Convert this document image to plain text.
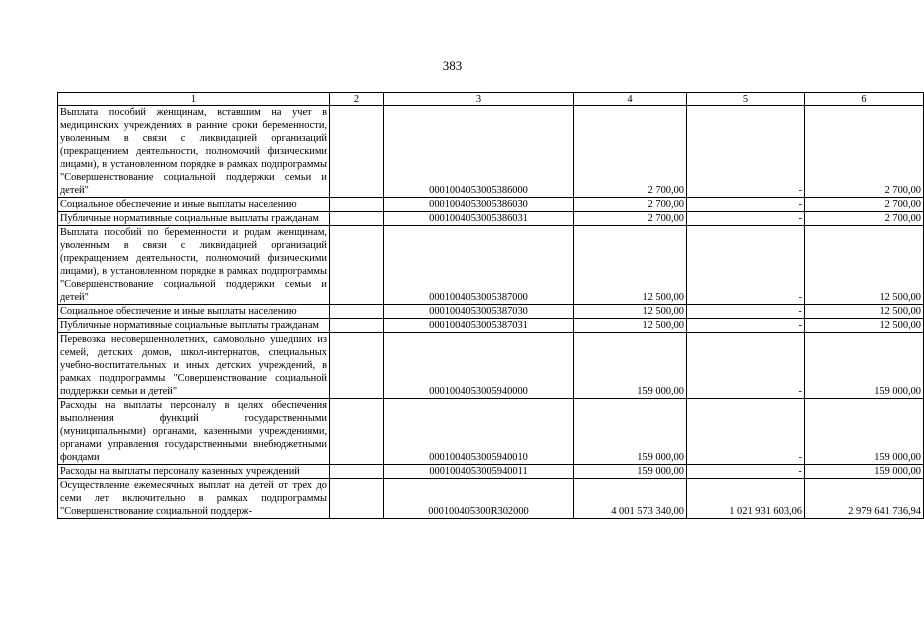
383
1	2	3	4	5	6
Выплата пособий женщинам, вставшим на учет в медицинских учреждениях в ранние сроки беременности, уволенным в связи с ликвидацией организаций (прекращением деятельности, полномочий физическими лицами), в установленном порядке в рамках подпрограммы "Совершенствование социальной поддержки семьи и детей"		0001004053005386000	2 700,00	-	2 700,00
Социальное обеспечение и иные выплаты населению		0001004053005386030	2 700,00	-	2 700,00
Публичные нормативные социальные выплаты гражданам		0001004053005386031	2 700,00	-	2 700,00
Выплата пособий по беременности и родам женщинам, уволенным в связи с ликвидацией организаций (прекращением деятельности, полномочий физическими лицами), в установленном порядке в рамках подпрограммы "Совершенствование социальной поддержки семьи и детей"		0001004053005387000	12 500,00	-	12 500,00
Социальное обеспечение и иные выплаты населению		0001004053005387030	12 500,00	-	12 500,00
Публичные нормативные социальные выплаты гражданам		0001004053005387031	12 500,00	-	12 500,00
Перевозка несовершеннолетних, самовольно ушедших из семей, детских домов, школ-интернатов, специальных учебно-воспитательных и иных детских учреждений, в рамках подпрограммы "Совершенствование социальной поддержки семьи и детей"		0001004053005940000	159 000,00	-	159 000,00
Расходы на выплаты персоналу в целях обеспечения выполнения функций государственными (муниципальными) органами, казенными учреждениями, органами управления государственными внебюджетными фондами		0001004053005940010	159 000,00	-	159 000,00
Расходы на выплаты персоналу казенных учреждений		0001004053005940011	159 000,00	-	159 000,00
Осуществление ежемесячных выплат на детей от трех до семи лет включительно в рамках подпрограммы "Совершенствование социальной поддерж-		000100405300R302000	4 001 573 340,00	1 021 931 603,06	2 979 641 736,94
